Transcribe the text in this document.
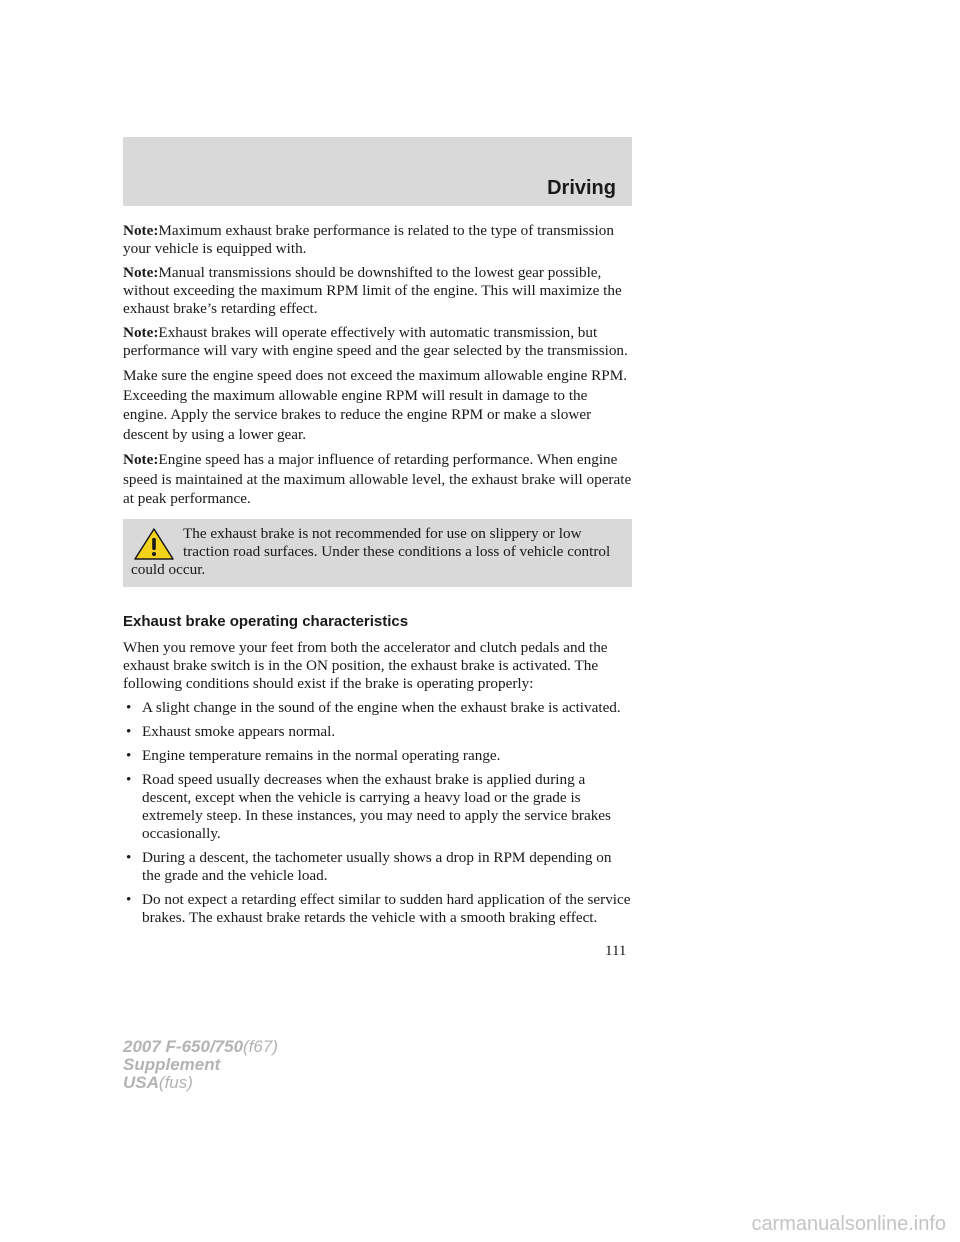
Driving

Note:Maximum exhaust brake performance is related to the type of transmission your vehicle is equipped with.

Note:Manual transmissions should be downshifted to the lowest gear possible, without exceeding the maximum RPM limit of the engine. This will maximize the exhaust brake’s retarding effect.

Note:Exhaust brakes will operate effectively with automatic transmission, but performance will vary with engine speed and the gear selected by the transmission.

Make sure the engine speed does not exceed the maximum allowable engine RPM. Exceeding the maximum allowable engine RPM will result in damage to the engine. Apply the service brakes to reduce the engine RPM or make a slower descent by using a lower gear.

Note:Engine speed has a major influence of retarding performance. When engine speed is maintained at the maximum allowable level, the exhaust brake will operate at peak performance.

The exhaust brake is not recommended for use on slippery or low traction road surfaces. Under these conditions a loss of vehicle control could occur.
Exhaust brake operating characteristics

When you remove your feet from both the accelerator and clutch pedals and the exhaust brake switch is in the ON position, the exhaust brake is activated. The following conditions should exist if the brake is operating properly:

• A slight change in the sound of the engine when the exhaust brake is activated.
• Exhaust smoke appears normal.
• Engine temperature remains in the normal operating range.
• Road speed usually decreases when the exhaust brake is applied during a descent, except when the vehicle is carrying a heavy load or the grade is extremely steep. In these instances, you may need to apply the service brakes occasionally.
• During a descent, the tachometer usually shows a drop in RPM depending on the grade and the vehicle load.
• Do not expect a retarding effect similar to sudden hard application of the service brakes. The exhaust brake retards the vehicle with a smooth braking effect.
111
2007 F-650/750(f67)
Supplement
USA(fus)
carmanualsonline.info
